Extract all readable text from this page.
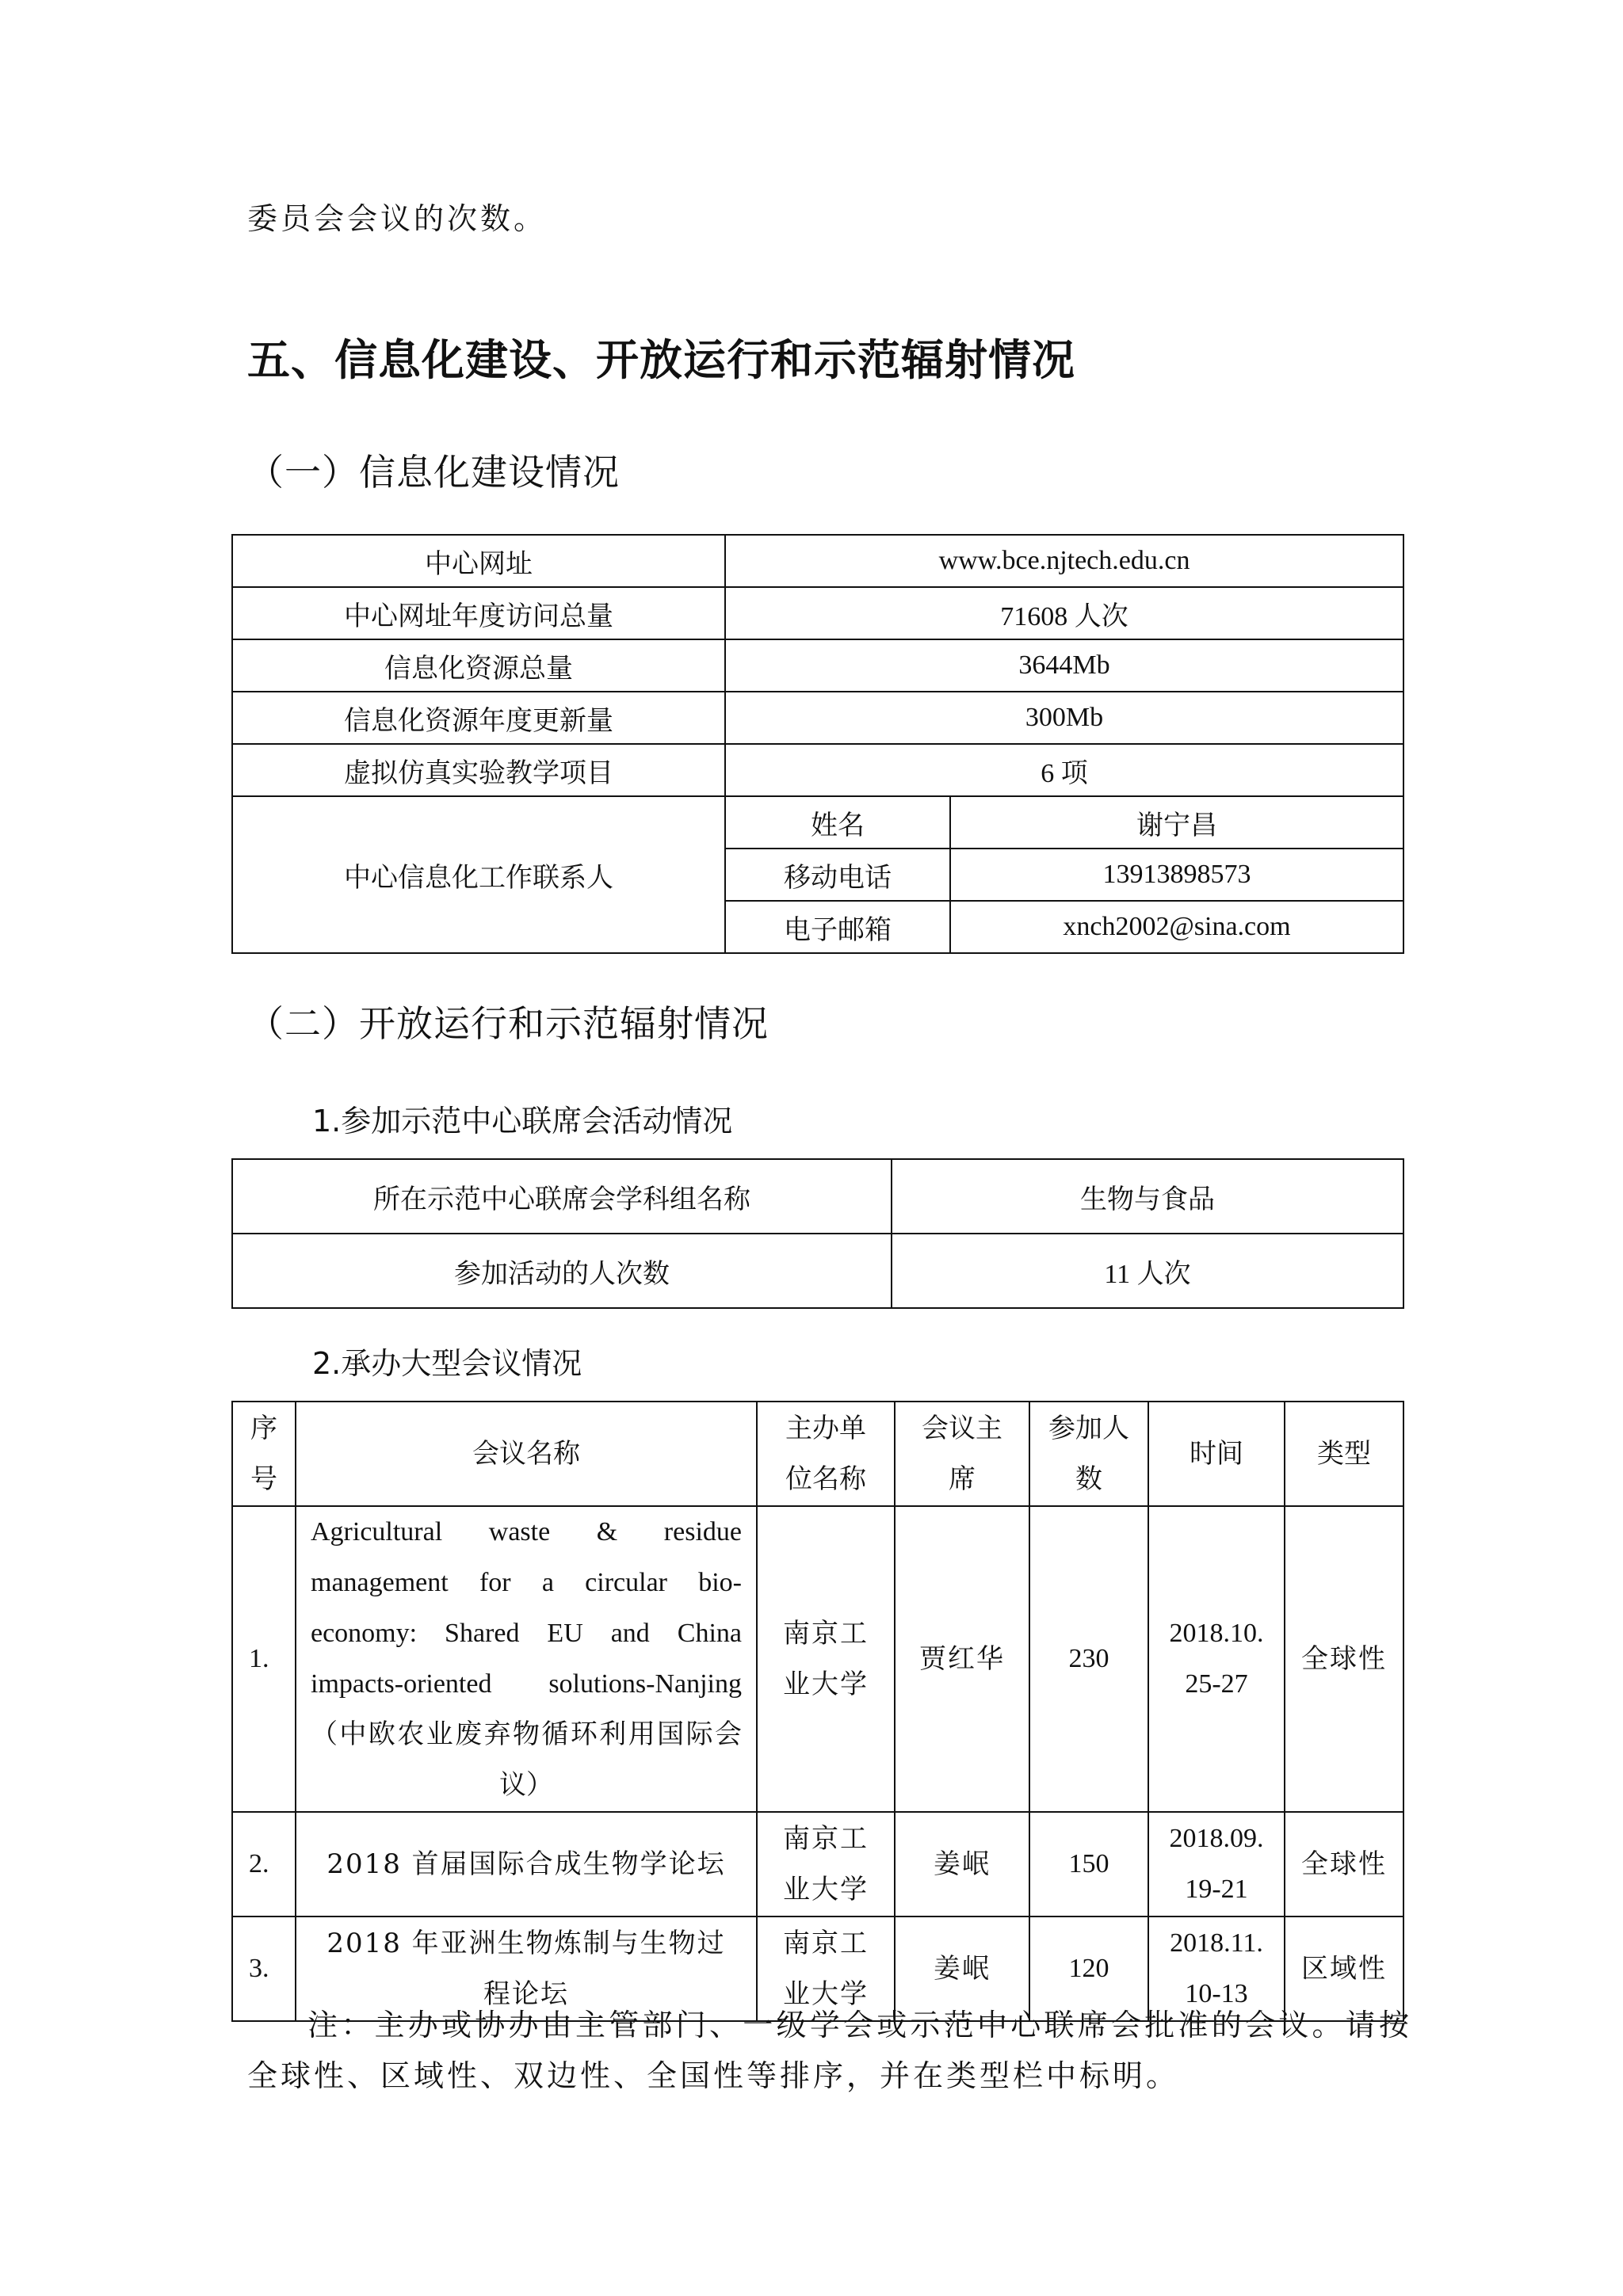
委员会会议的次数。
五、信息化建设、开放运行和示范辐射情况
（一）信息化建设情况
中心网址	www.bce.njtech.edu.cn	
中心网址年度访问总量	71608 人次	
信息化资源总量	3644Mb	
信息化资源年度更新量	300Mb	
虚拟仿真实验教学项目	6 项	
中心信息化工作联系人	姓名	谢宁昌
	移动电话	13913898573
	电子邮箱	xnch2002@sina.com
（二）开放运行和示范辐射情况
1.参加示范中心联席会活动情况
所在示范中心联席会学科组名称	生物与食品
参加活动的人次数	11 人次
2.承办大型会议情况
序号	会议名称	主办单位名称	会议主席	参加人数	时间	类型
1.	Agricultural waste & residue management for a circular bio-economy: Shared EU and China impacts-oriented solutions-Nanjing（中欧农业废弃物循环利用国际会议）	南京工业大学	贾红华	230	2018.10.25-27	全球性
2.	2018 首届国际合成生物学论坛	南京工业大学	姜岷	150	2018.09.19-21	全球性
3.	2018 年亚洲生物炼制与生物过程论坛	南京工业大学	姜岷	120	2018.11.10-13	区域性
注：主办或协办由主管部门、一级学会或示范中心联席会批准的会议。请按全球性、区域性、双边性、全国性等排序，并在类型栏中标明。
